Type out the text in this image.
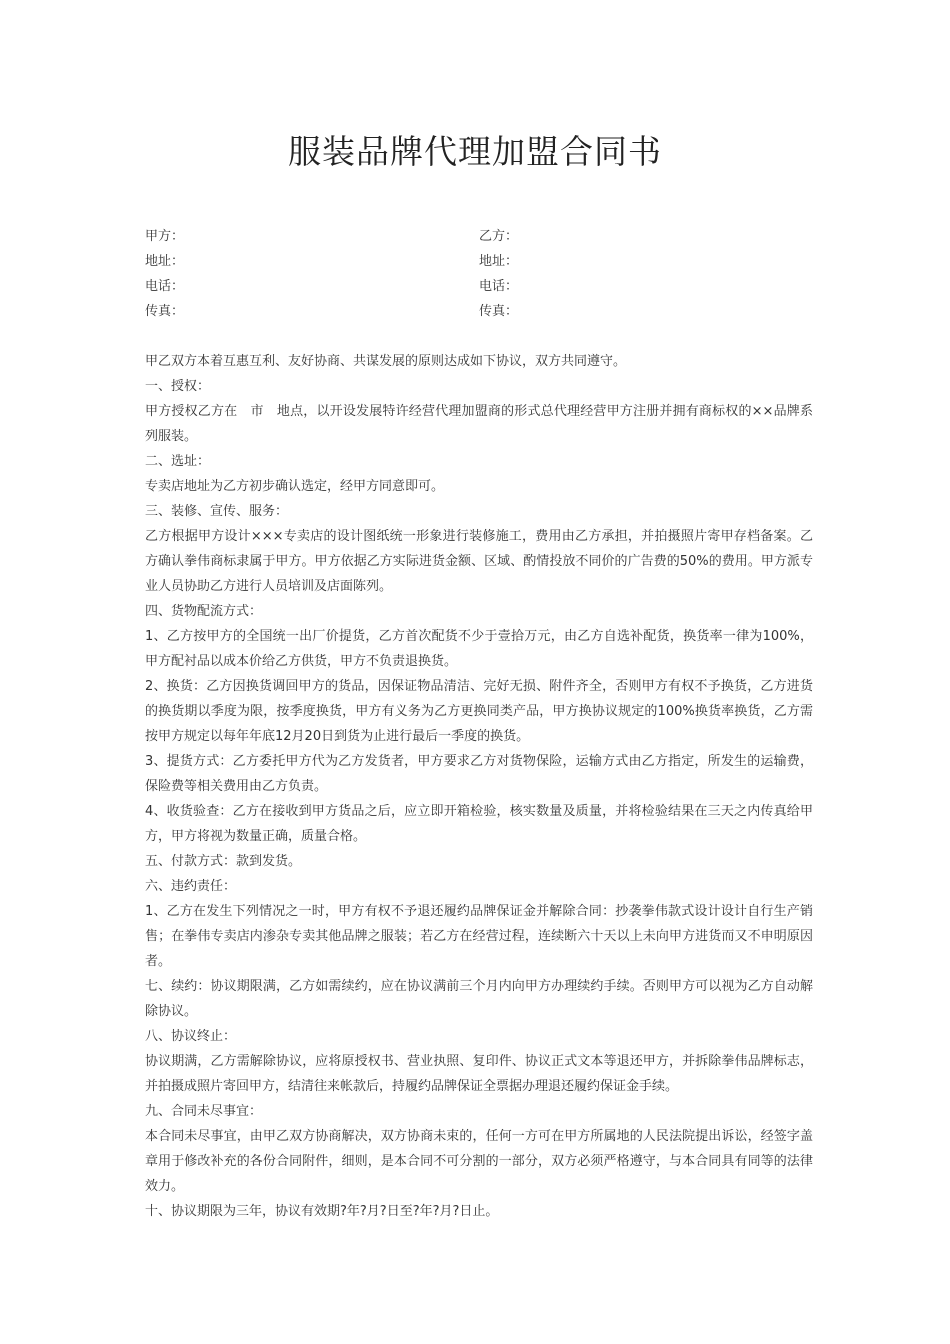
服装品牌代理加盟合同书
甲方：	乙方：
地址：	地址：
电话：	电话：
传真：	传真：

甲乙双方本着互惠互利、友好协商、共谋发展的原则达成如下协议，双方共同遵守。

一、授权：

甲方授权乙方在　市　地点，以开设发展特许经营代理加盟商的形式总代理经营甲方注册并拥有商标权的××品牌系列服装。

二、选址：

专卖店地址为乙方初步确认选定，经甲方同意即可。

三、装修、宣传、服务：

乙方根据甲方设计×××专卖店的设计图纸统一形象进行装修施工，费用由乙方承担，并拍摄照片寄甲存档备案。乙方确认拳伟商标隶属于甲方。甲方依据乙方实际进货金额、区域、酌情投放不同价的广告费的50%的费用。甲方派专业人员协助乙方进行人员培训及店面陈列。

四、货物配流方式：

1、乙方按甲方的全国统一出厂价提货，乙方首次配货不少于壹拾万元，由乙方自选补配货，换货率一律为100%，甲方配衬品以成本价给乙方供货，甲方不负责退换货。

2、换货：乙方因换货调回甲方的货品，因保证物品清洁、完好无损、附件齐全，否则甲方有权不予换货，乙方进货的换货期以季度为限，按季度换货，甲方有义务为乙方更换同类产品，甲方换协议规定的100%换货率换货，乙方需按甲方规定以每年年底12月20日到货为止进行最后一季度的换货。

3、提货方式：乙方委托甲方代为乙方发货者，甲方要求乙方对货物保险，运输方式由乙方指定，所发生的运输费，保险费等相关费用由乙方负责。

4、收货验查：乙方在接收到甲方货品之后，应立即开箱检验，核实数量及质量，并将检验结果在三天之内传真给甲方，甲方将视为数量正确，质量合格。

五、付款方式：款到发货。

六、违约责任：

1、乙方在发生下列情况之一时，甲方有权不予退还履约品牌保证金并解除合同：抄袭拳伟款式设计设计自行生产销售；在拳伟专卖店内渗杂专卖其他品牌之服装；若乙方在经营过程，连续断六十天以上未向甲方进货而又不申明原因者。

七、续约：协议期限满，乙方如需续约，应在协议满前三个月内向甲方办理续约手续。否则甲方可以视为乙方自动解除协议。

八、协议终止：

协议期满，乙方需解除协议，应将原授权书、营业执照、复印件、协议正式文本等退还甲方，并拆除拳伟品牌标志，并拍摄成照片寄回甲方，结清往来帐款后，持履约品牌保证全票据办理退还履约保证金手续。

九、合同未尽事宜：

本合同未尽事宜，由甲乙双方协商解决，双方协商未束的，任何一方可在甲方所属地的人民法院提出诉讼，经签字盖章用于修改补充的各份合同附件，细则，是本合同不可分割的一部分，双方必须严格遵守，与本合同具有同等的法律效力。

十、协议期限为三年，协议有效期?年?月?日至?年?月?日止。
